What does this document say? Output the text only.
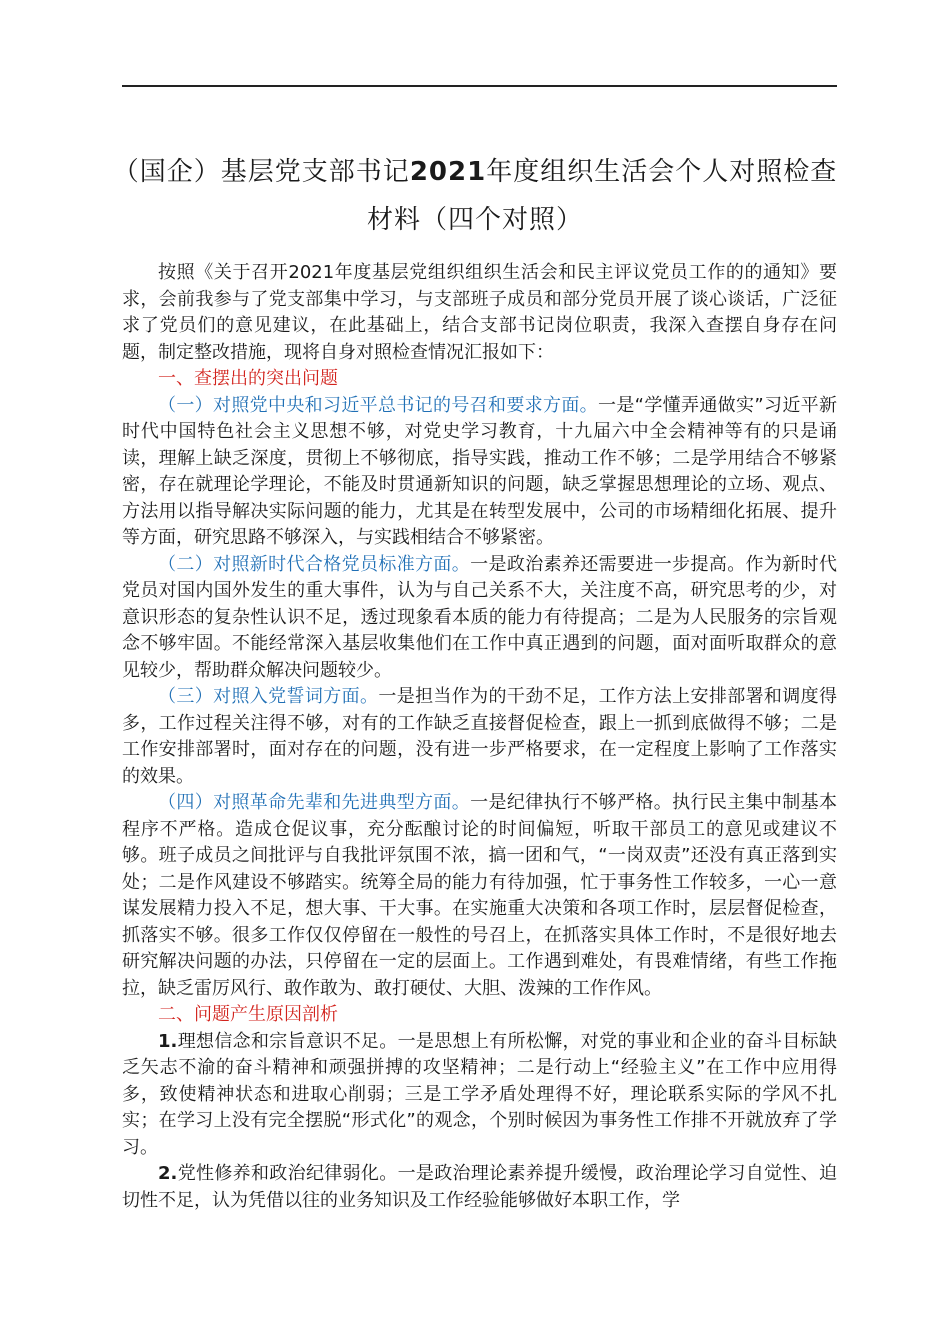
（国企）基层党支部书记2021年度组织生活会个人对照检查材料（四个对照）

按照《关于召开2021年度基层党组织组织生活会和民主评议党员工作的的通知》要求，会前我参与了党支部集中学习，与支部班子成员和部分党员开展了谈心谈话，广泛征求了党员们的意见建议，在此基础上，结合支部书记岗位职责，我深入查摆自身存在问题，制定整改措施，现将自身对照检查情况汇报如下：

一、查摆出的突出问题

（一）对照党中央和习近平总书记的号召和要求方面。一是“学懂弄通做实”习近平新时代中国特色社会主义思想不够，对党史学习教育，十九届六中全会精神等有的只是诵读，理解上缺乏深度，贯彻上不够彻底，指导实践，推动工作不够；二是学用结合不够紧密，存在就理论学理论，不能及时贯通新知识的问题，缺乏掌握思想理论的立场、观点、方法用以指导解决实际问题的能力，尤其是在转型发展中，公司的市场精细化拓展、提升等方面，研究思路不够深入，与实践相结合不够紧密。

（二）对照新时代合格党员标准方面。一是政治素养还需要进一步提高。作为新时代党员对国内国外发生的重大事件，认为与自己关系不大，关注度不高，研究思考的少，对意识形态的复杂性认识不足，透过现象看本质的能力有待提高；二是为人民服务的宗旨观念不够牢固。不能经常深入基层收集他们在工作中真正遇到的问题，面对面听取群众的意见较少，帮助群众解决问题较少。

（三）对照入党誓词方面。一是担当作为的干劲不足，工作方法上安排部署和调度得多，工作过程关注得不够，对有的工作缺乏直接督促检查，跟上一抓到底做得不够；二是工作安排部署时，面对存在的问题，没有进一步严格要求，在一定程度上影响了工作落实的效果。

（四）对照革命先辈和先进典型方面。一是纪律执行不够严格。执行民主集中制基本程序不严格。造成仓促议事，充分酝酿讨论的时间偏短，听取干部员工的意见或建议不够。班子成员之间批评与自我批评氛围不浓，搞一团和气，“一岗双责”还没有真正落到实处；二是作风建设不够踏实。统筹全局的能力有待加强，忙于事务性工作较多，一心一意谋发展精力投入不足，想大事、干大事。在实施重大决策和各项工作时，层层督促检查，抓落实不够。很多工作仅仅停留在一般性的号召上，在抓落实具体工作时，不是很好地去研究解决问题的办法，只停留在一定的层面上。工作遇到难处，有畏难情绪，有些工作拖拉，缺乏雷厉风行、敢作敢为、敢打硬仗、大胆、泼辣的工作作风。

二、问题产生原因剖析

1.理想信念和宗旨意识不足。一是思想上有所松懈，对党的事业和企业的奋斗目标缺乏矢志不渝的奋斗精神和顽强拼搏的攻坚精神；二是行动上“经验主义”在工作中应用得多，致使精神状态和进取心削弱；三是工学矛盾处理得不好，理论联系实际的学风不扎实；在学习上没有完全摆脱“形式化”的观念，个别时候因为事务性工作排不开就放弃了学习。

2.党性修养和政治纪律弱化。一是政治理论素养提升缓慢，政治理论学习自觉性、迫切性不足，认为凭借以往的业务知识及工作经验能够做好本职工作，学
